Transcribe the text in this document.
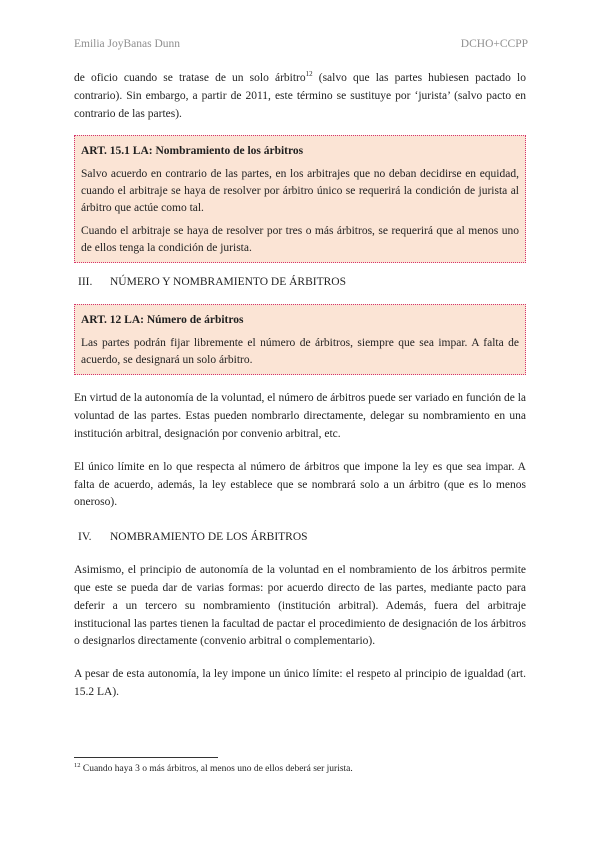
Emilia JoyBanas Dunn	DCHO+CCPP

de oficio cuando se tratase de un solo árbitro$^{12}$ (salvo que las partes hubiesen pactado lo contrario). Sin embargo, a partir de 2011, este término se sustituye por ‘jurista’ (salvo pacto en contrario de las partes).

ART. 15.1 LA: Nombramiento de los árbitros

Salvo acuerdo en contrario de las partes, en los arbitrajes que no deban decidirse en equidad, cuando el arbitraje se haya de resolver por árbitro único se requerirá la condición de jurista al árbitro que actúe como tal.

Cuando el arbitraje se haya de resolver por tres o más árbitros, se requerirá que al menos uno de ellos tenga la condición de jurista.

III. NÚMERO Y NOMBRAMIENTO DE ÁRBITROS

ART. 12 LA: Número de árbitros

Las partes podrán fijar libremente el número de árbitros, siempre que sea impar. A falta de acuerdo, se designará un solo árbitro.

En virtud de la autonomía de la voluntad, el número de árbitros puede ser variado en función de la voluntad de las partes. Estas pueden nombrarlo directamente, delegar su nombramiento en una institución arbitral, designación por convenio arbitral, etc.

El único límite en lo que respecta al número de árbitros que impone la ley es que sea impar. A falta de acuerdo, además, la ley establece que se nombrará solo a un árbitro (que es lo menos oneroso).

IV. NOMBRAMIENTO DE LOS ÁRBITROS

Asimismo, el principio de autonomía de la voluntad en el nombramiento de los árbitros permite que este se pueda dar de varias formas: por acuerdo directo de las partes, mediante pacto para deferir a un tercero su nombramiento (institución arbitral). Además, fuera del arbitraje institucional las partes tienen la facultad de pactar el procedimiento de designación de los árbitros o designarlos directamente (convenio arbitral o complementario).

A pesar de esta autonomía, la ley impone un único límite: el respeto al principio de igualdad (art. 15.2 LA).

$^{12}$ Cuando haya 3 o más árbitros, al menos uno de ellos deberá ser jurista.
